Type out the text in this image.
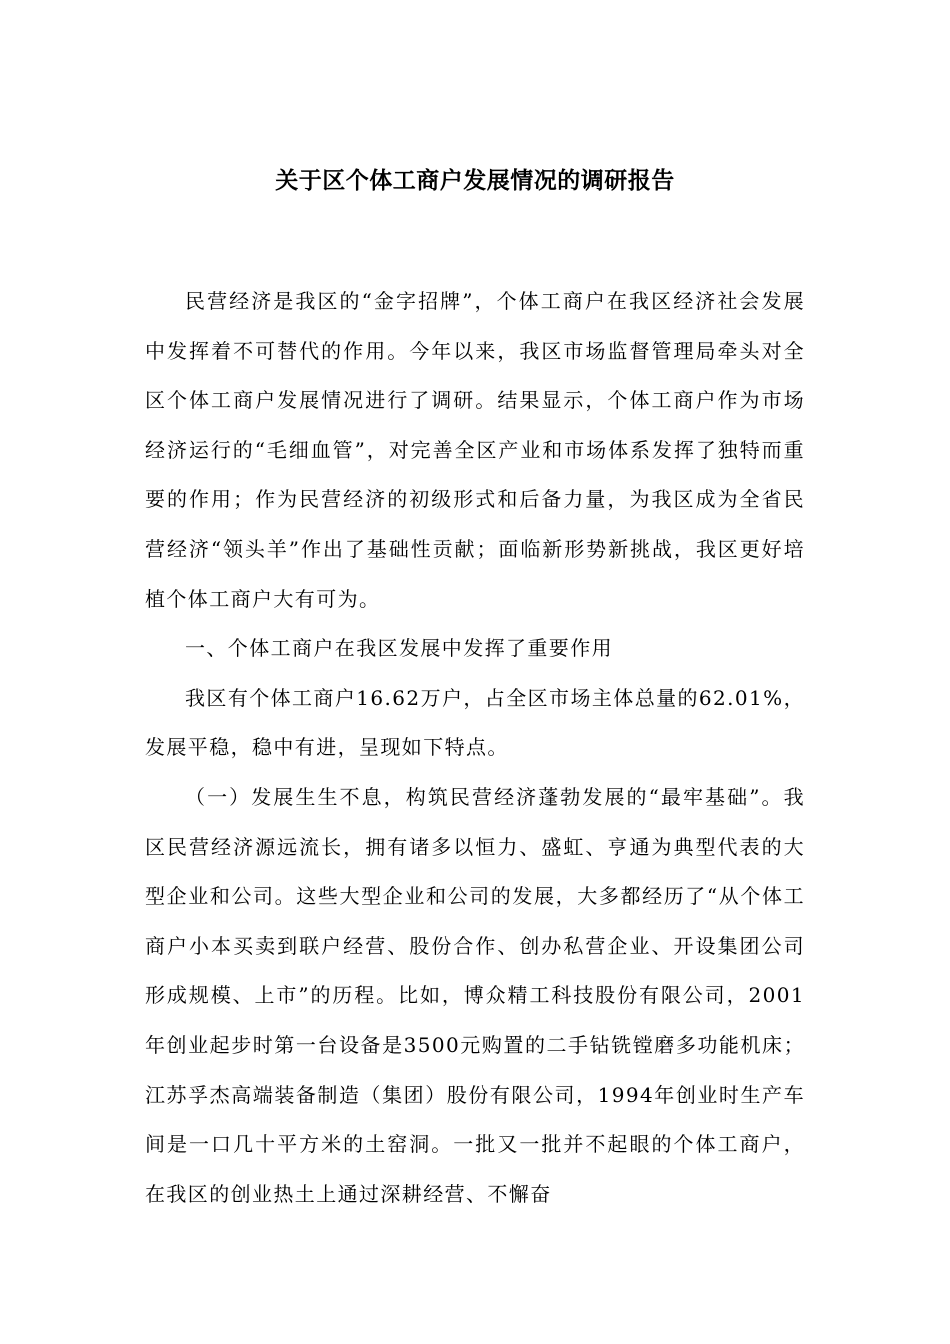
关于区个体工商户发展情况的调研报告

民营经济是我区的“金字招牌”，个体工商户在我区经济社会发展中发挥着不可替代的作用。今年以来，我区市场监督管理局牵头对全区个体工商户发展情况进行了调研。结果显示，个体工商户作为市场经济运行的“毛细血管”，对完善全区产业和市场体系发挥了独特而重要的作用；作为民营经济的初级形式和后备力量，为我区成为全省民营经济“领头羊”作出了基础性贡献；面临新形势新挑战，我区更好培植个体工商户大有可为。

一、个体工商户在我区发展中发挥了重要作用

我区有个体工商户16.62万户，占全区市场主体总量的62.01%，发展平稳，稳中有进，呈现如下特点。

（一）发展生生不息，构筑民营经济蓬勃发展的“最牢基础”。我区民营经济源远流长，拥有诸多以恒力、盛虹、亨通为典型代表的大型企业和公司。这些大型企业和公司的发展，大多都经历了“从个体工商户小本买卖到联户经营、股份合作、创办私营企业、开设集团公司形成规模、上市”的历程。比如，博众精工科技股份有限公司，2001年创业起步时第一台设备是3500元购置的二手钻铣镗磨多功能机床；江苏孚杰高端装备制造（集团）股份有限公司，1994年创业时生产车间是一口几十平方米的土窑洞。一批又一批并不起眼的个体工商户，在我区的创业热土上通过深耕经营、不懈奋
